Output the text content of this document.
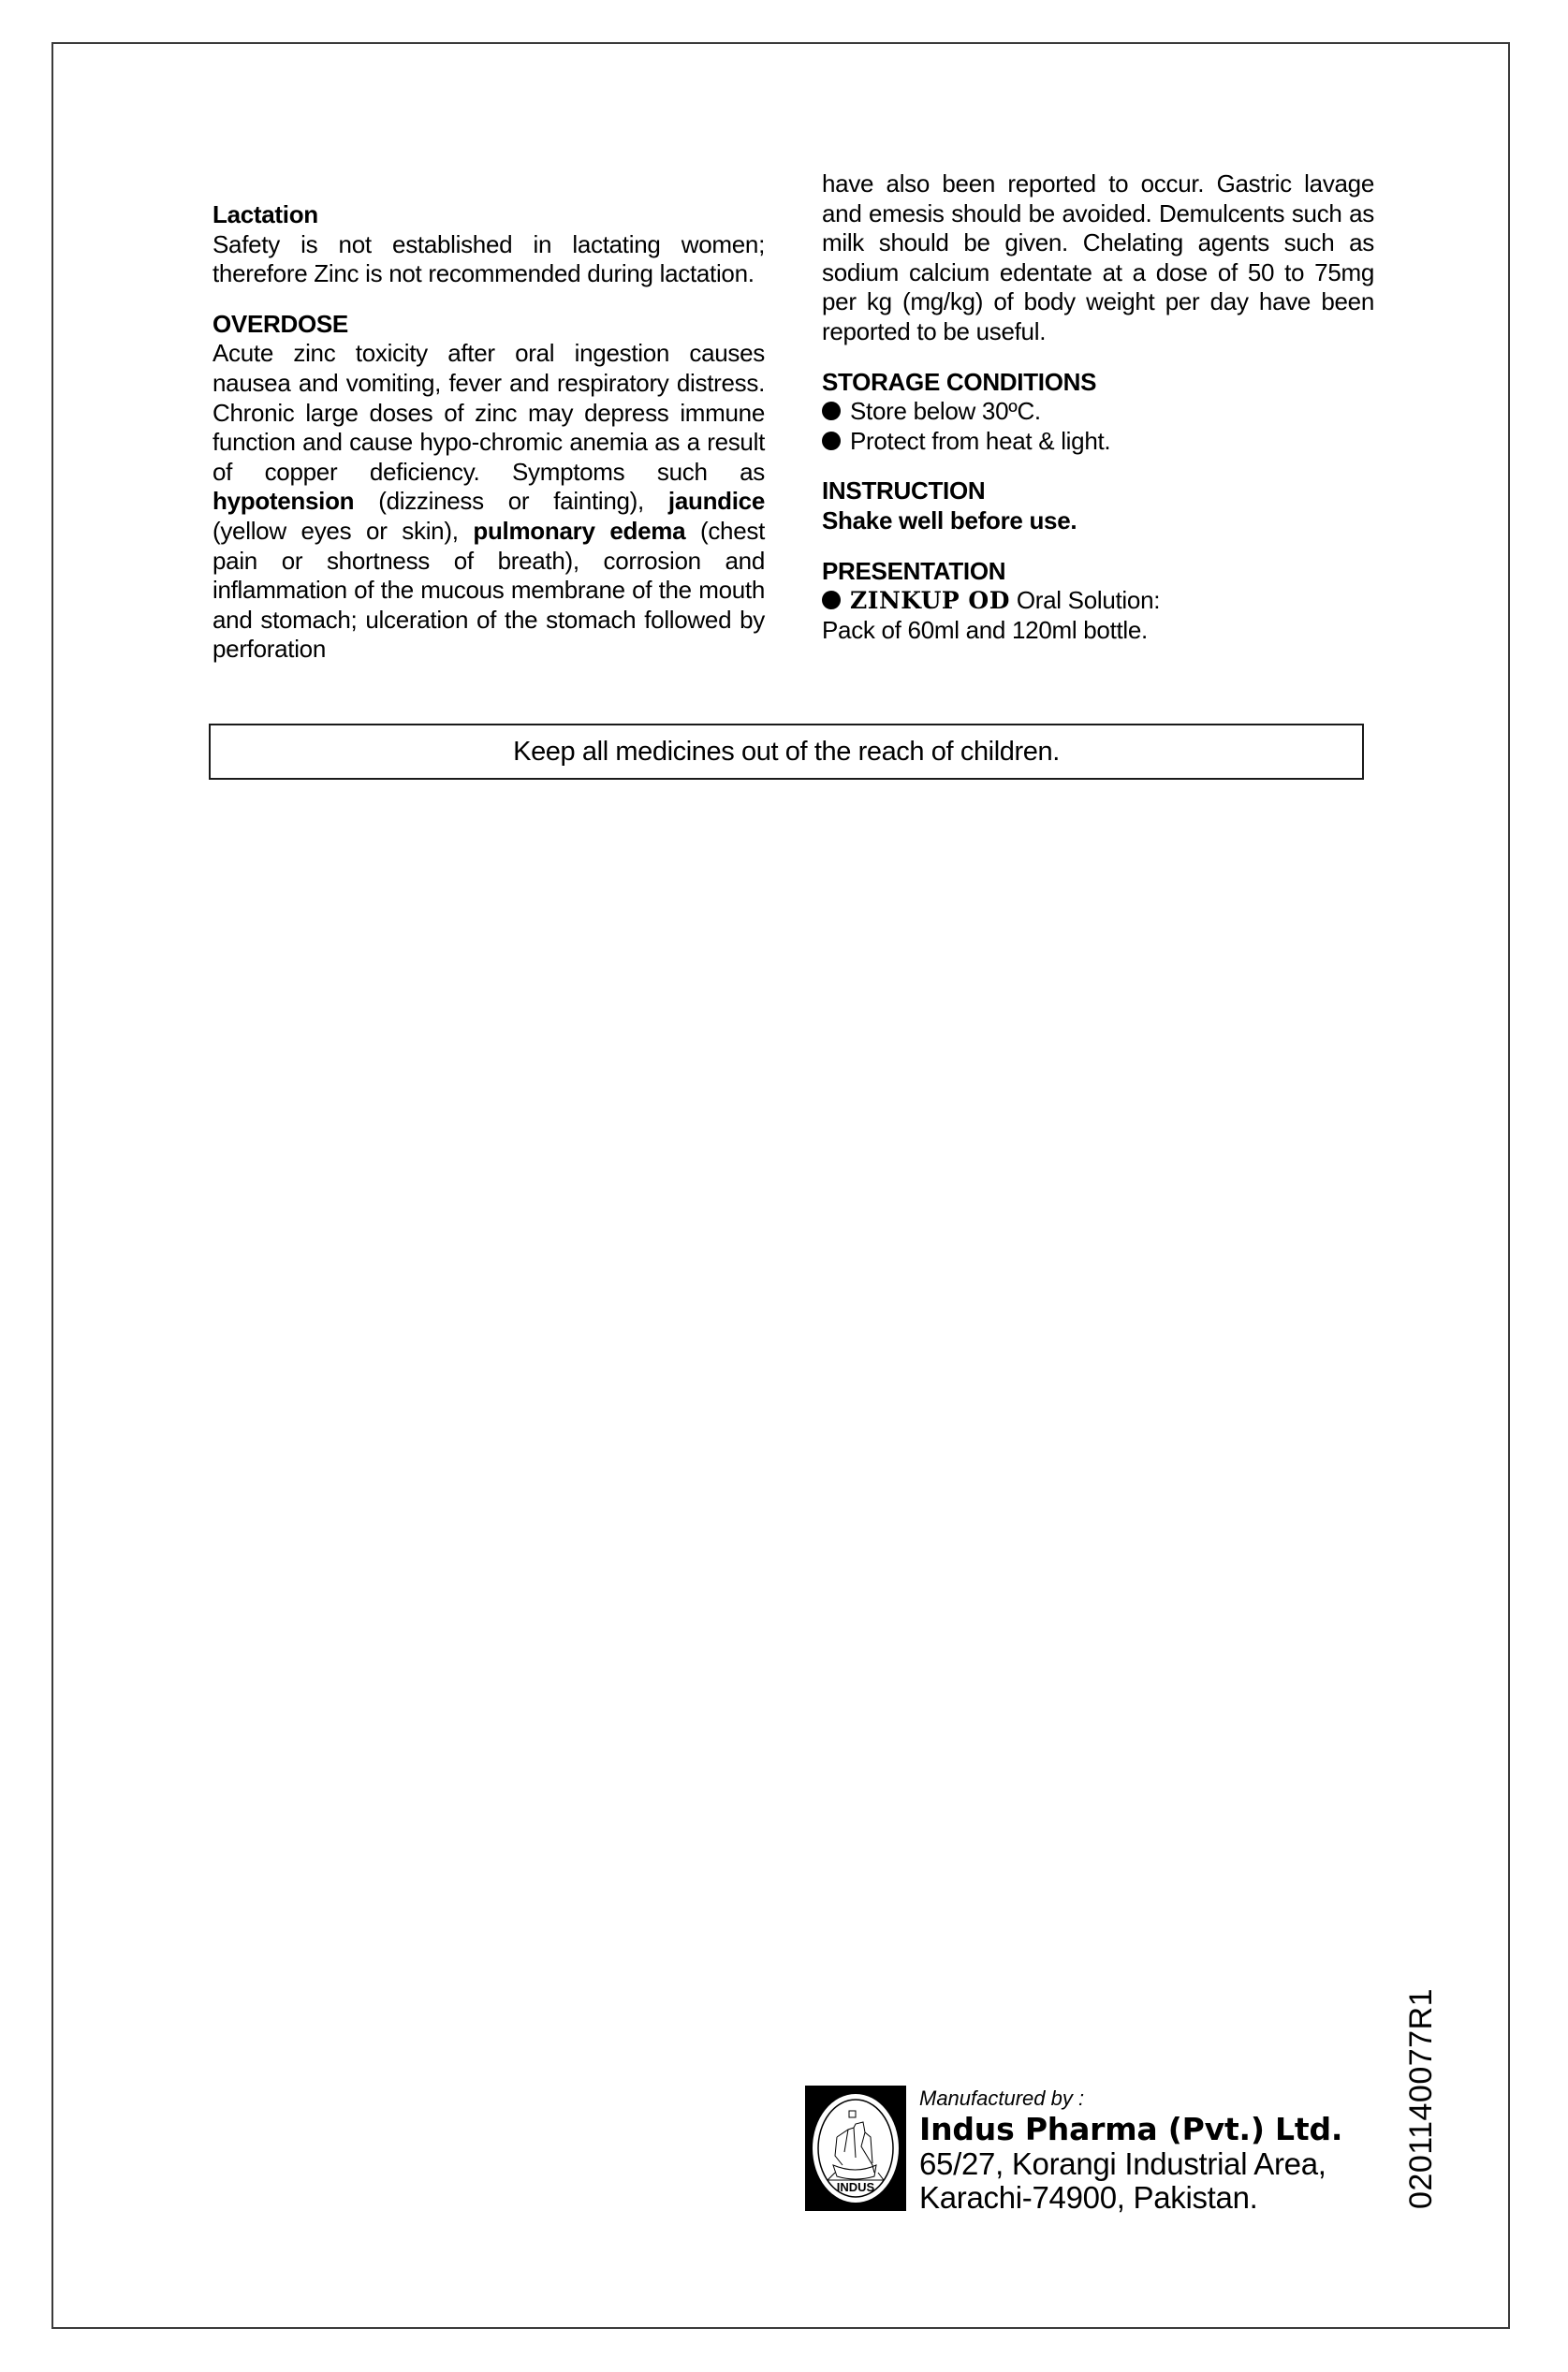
Lactation

Safety is not established in lactating women; therefore Zinc is not recommended during lactation.

OVERDOSE

Acute zinc toxicity after oral ingestion causes nausea and vomiting, fever and respiratory distress. Chronic large doses of zinc may depress immune function and cause hypo-chromic anemia as a result of copper deficiency. Symptoms such as hypotension (dizziness or fainting), jaundice (yellow eyes or skin), pulmonary edema (chest pain or shortness of breath), corrosion and inflammation of the mucous membrane of the mouth and stomach; ulceration of the stomach followed by perforation

have also been reported to occur. Gastric lavage and emesis should be avoided. Demulcents such as milk should be given. Chelating agents such as sodium calcium edentate at a dose of 50 to 75mg per kg (mg/kg) of body weight per day have been reported to be useful.

STORAGE CONDITIONS

Store below 30ºC.
Protect from heat & light.

INSTRUCTION

Shake well before use.

PRESENTATION

ZINKUP OD Oral Solution:

Pack of 60ml and 120ml bottle.

Keep all medicines out of the reach of children.
INDUS
Manufactured by :
Indus Pharma (Pvt.) Ltd.
65/27, Korangi Industrial Area,
Karachi-74900, Pakistan.	0201140077R1
